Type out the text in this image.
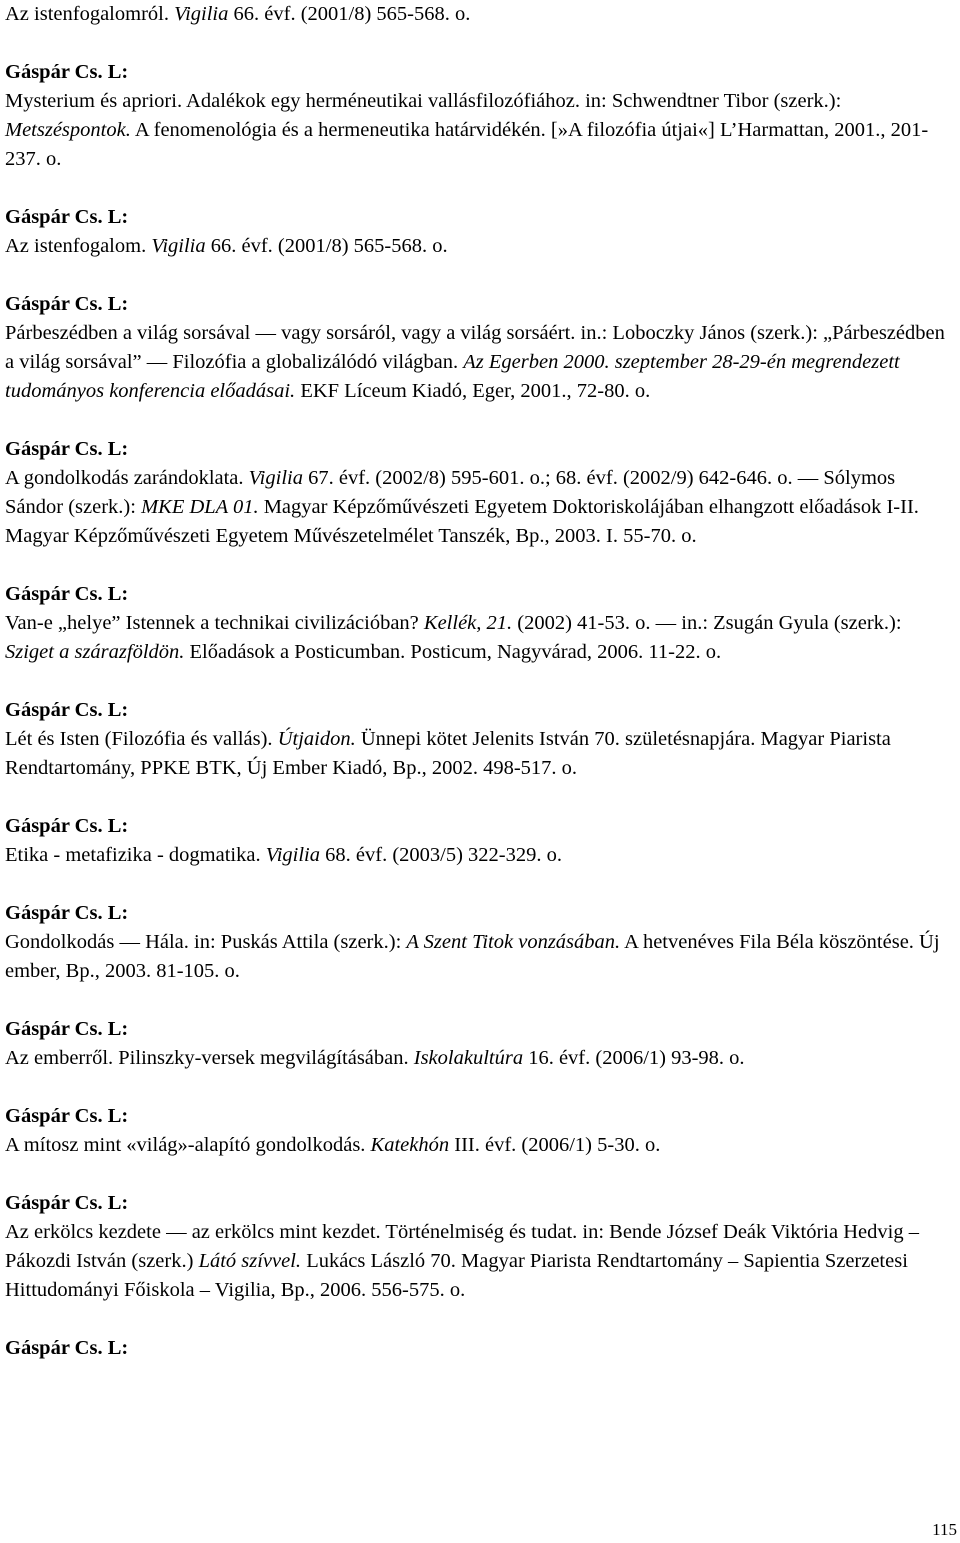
Az istenfogalomról. Vigilia 66. évf. (2001/8) 565-568. o.
Gáspár Cs. L:
Mysterium és apriori. Adalékok egy herméneutikai vallásfilozófiához. in: Schwendtner Tibor (szerk.): Metszéspontok. A fenomenológia és a hermeneutika határvidékén. [»A filozófia útjai«] L’Harmattan, 2001., 201-237. o.
Gáspár Cs. L:
Az istenfogalom. Vigilia 66. évf. (2001/8) 565-568. o.
Gáspár Cs. L:
Párbeszédben a világ sorsával — vagy sorsáról, vagy a világ sorsáért. in.: Loboczky János (szerk.): „Párbeszédben a világ sorsával” — Filozófia a globalizálódó világban. Az Egerben 2000. szeptember 28-29-én megrendezett tudományos konferencia előadásai. EKF Líceum Kiadó, Eger, 2001., 72-80. o.
Gáspár Cs. L:
A gondolkodás zarándoklata. Vigilia 67. évf. (2002/8) 595-601. o.; 68. évf. (2002/9) 642-646. o. — Sólymos Sándor (szerk.): MKE DLA 01. Magyar Képzőművészeti Egyetem Doktoriskolájában elhangzott előadások I-II. Magyar Képzőművészeti Egyetem Művészetelmélet Tanszék, Bp., 2003. I. 55-70. o.
Gáspár Cs. L:
Van-e „helye” Istennek a technikai civilizációban? Kellék, 21. (2002) 41-53. o. — in.: Zsugán Gyula (szerk.): Sziget a szárazföldön. Előadások a Posticumban. Posticum, Nagyvárad, 2006. 11-22. o.
Gáspár Cs. L:
Lét és Isten (Filozófia és vallás). Útjaidon. Ünnepi kötet Jelenits István 70. születésnapjára. Magyar Piarista Rendtartomány, PPKE BTK, Új Ember Kiadó, Bp., 2002. 498-517. o.
Gáspár Cs. L:
Etika - metafizika - dogmatika. Vigilia 68. évf. (2003/5) 322-329. o.
Gáspár Cs. L:
Gondolkodás — Hála. in: Puskás Attila (szerk.): A Szent Titok vonzásában. A hetvenéves Fila Béla köszöntése. Új ember, Bp., 2003. 81-105. o.
Gáspár Cs. L:
Az emberről. Pilinszky-versek megvilágításában. Iskolakultúra 16. évf. (2006/1) 93-98. o.
Gáspár Cs. L:
A mítosz mint «világ»-alapító gondolkodás. Katekhón III. évf. (2006/1) 5-30. o.
Gáspár Cs. L:
Az erkölcs kezdete — az erkölcs mint kezdet. Történelmiség és tudat. in: Bende József Deák Viktória Hedvig – Pákozdi István (szerk.) Látó szívvel. Lukács László 70. Magyar Piarista Rendtartomány – Sapientia Szerzetesi Hittudományi Főiskola – Vigilia, Bp., 2006. 556-575. o.
Gáspár Cs. L:
115
